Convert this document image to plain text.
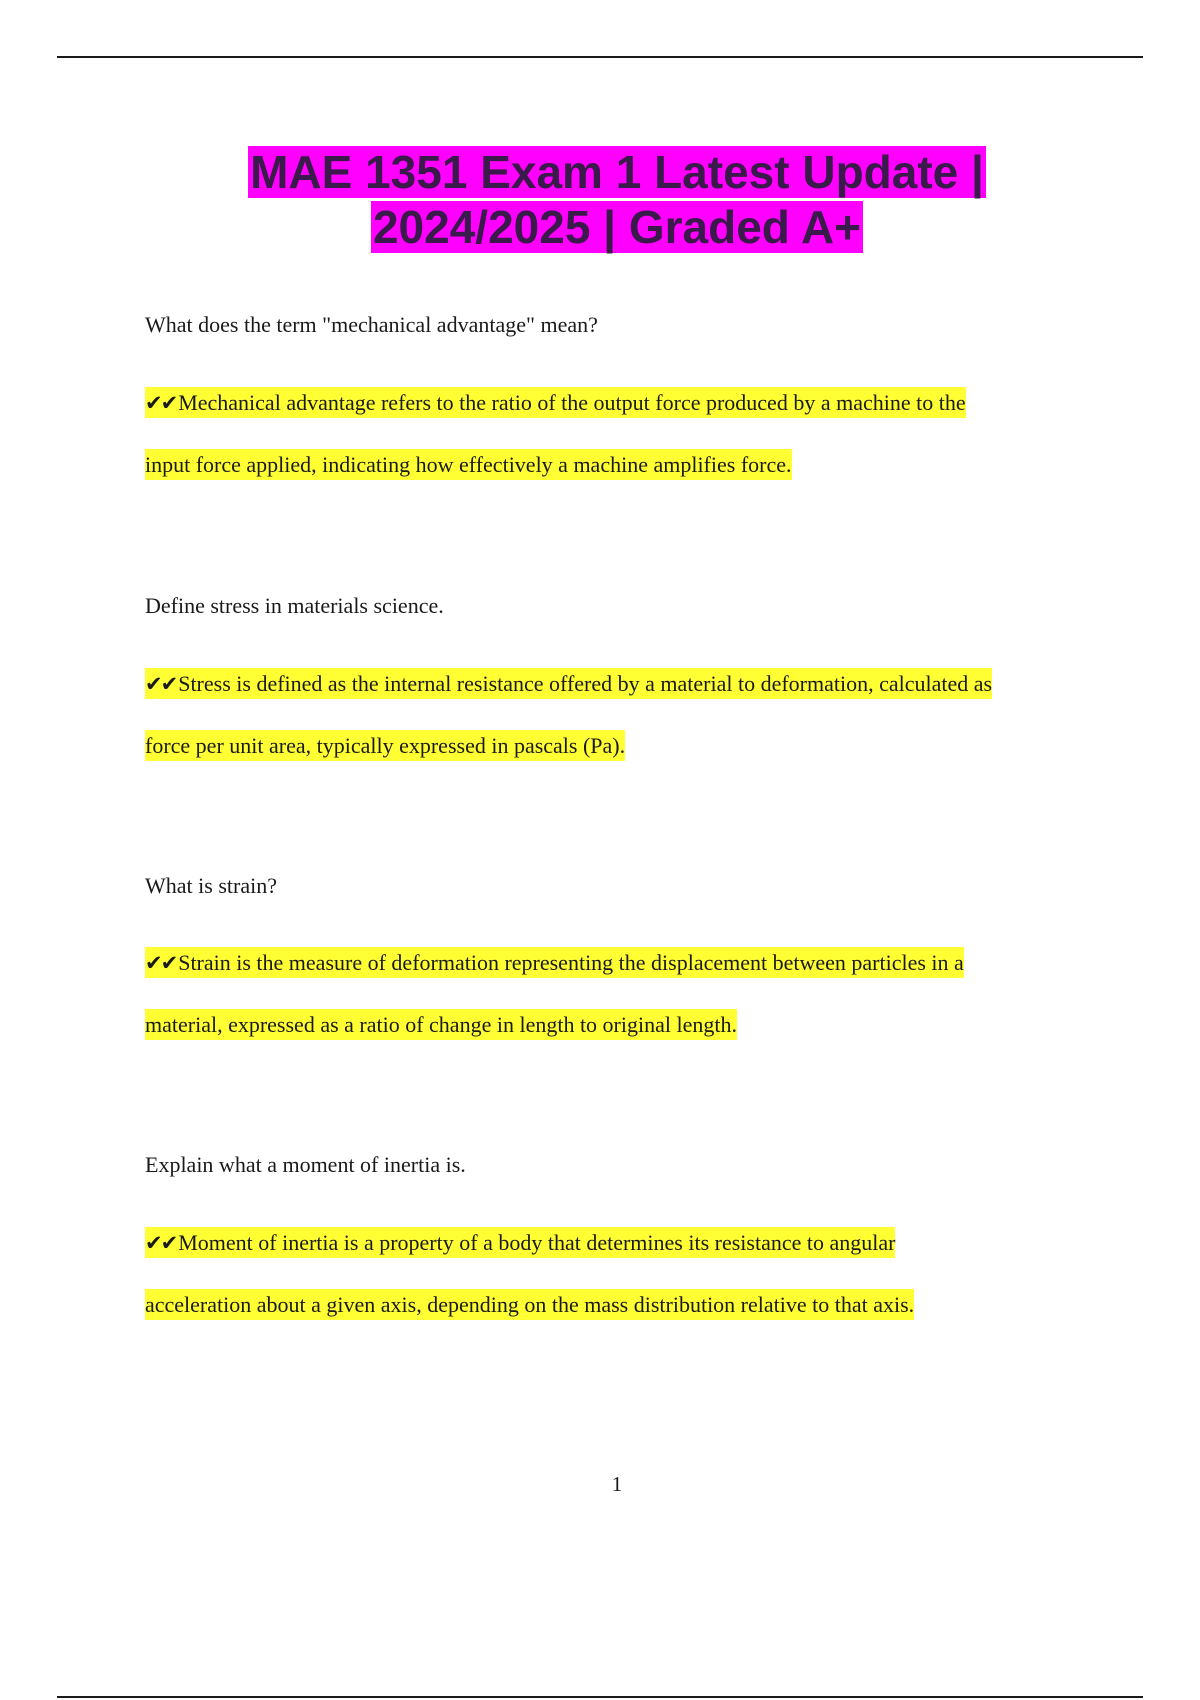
MAE 1351 Exam 1 Latest Update |
2024/2025 | Graded A+
What does the term "mechanical advantage" mean?
✔✔Mechanical advantage refers to the ratio of the output force produced by a machine to the
input force applied, indicating how effectively a machine amplifies force.
Define stress in materials science.
✔✔Stress is defined as the internal resistance offered by a material to deformation, calculated as
force per unit area, typically expressed in pascals (Pa).
What is strain?
✔✔Strain is the measure of deformation representing the displacement between particles in a
material, expressed as a ratio of change in length to original length.
Explain what a moment of inertia is.
✔✔Moment of inertia is a property of a body that determines its resistance to angular
acceleration about a given axis, depending on the mass distribution relative to that axis.
1
